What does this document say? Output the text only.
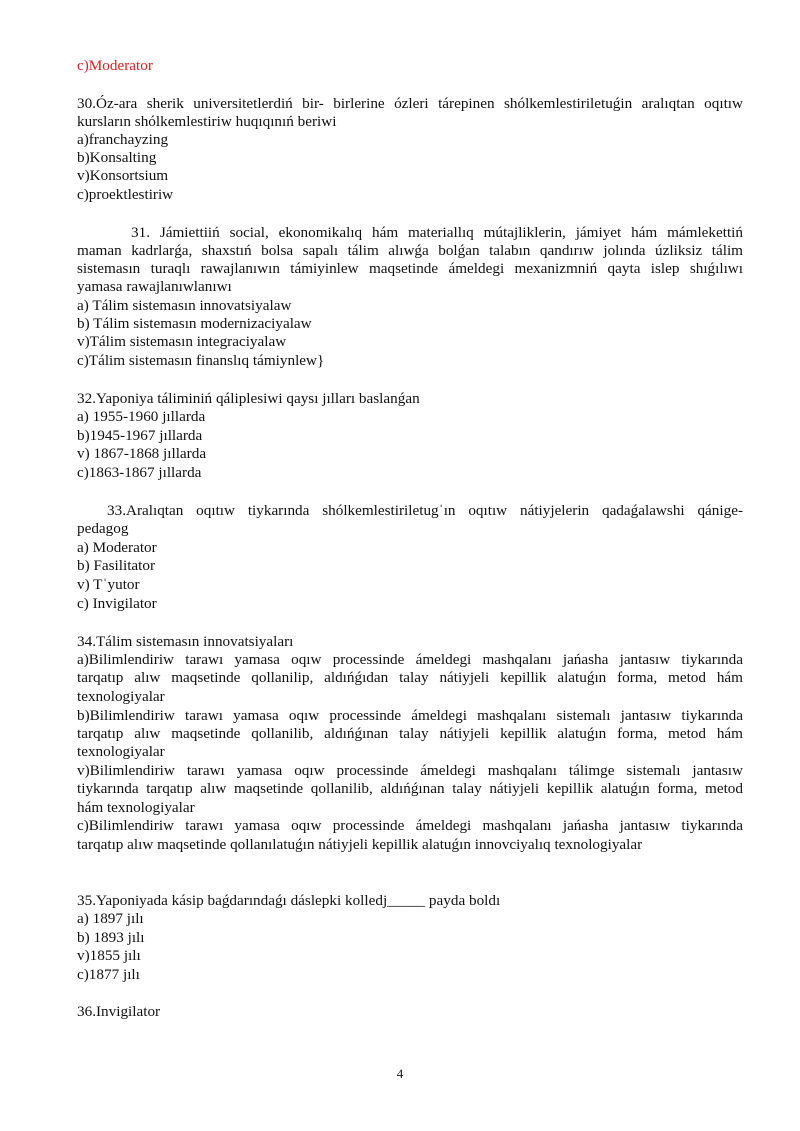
c)Moderator
30.Óz-ara sherik universitetlerdiń bir- birlerine ózleri tárepinen shólkemlestiriletuǵin aralıqtan oqıtıw
kursların shólkemlestiriw huqıqınıń beriwi
a)franchayzing
b)Konsalting
v)Konsortsium
c)proektlestiriw
31. Jámiettiiń social, ekonomikalıq hám materiallıq mútajliklerin, jámiyet hám mámlekettiń
maman kadrlarǵa, shaxstıń bolsa sapalı tálim alıwǵa bolǵan talabın qandırıw jolında úzliksiz tálim
sistemasın turaqlı rawajlanıwın támiyinlew maqsetinde ámeldegi mexanizmniń qayta islep shıǵılıwı
yamasa rawajlanıwlanıwı
a) Tálim sistemasın innovatsiyalaw
b) Tálim sistemasın modernizaciyalaw
v)Tálim sistemasın integraciyalaw
c)Tálim sistemasın finanslıq támiynlew}
32.Yaponiya táliminiń qáliplesiwi qaysı jılları baslanǵan
a) 1955-1960 jıllarda
b)1945-1967 jıllarda
v) 1867-1868 jıllarda
c)1863-1867 jıllarda
33.Aralıqtan oqıtıw tiykarında shólkemlestiriletugˈın oqıtıw nátiyjelerin qadaǵalawshi qánige-
pedagog
a) Moderator
b) Fasilitator
v) Tˈyutor
c) Invigilator
34.Tálim sistemasın innovatsiyaları
a)Bilimlendiriw tarawı yamasa oqıw processinde ámeldegi mashqalanı jańasha jantasıw tiykarında
tarqatıp alıw maqsetinde qollanilip, aldıńǵıdan talay nátiyjeli kepillik alatuǵın forma, metod hám
texnologiyalar
b)Bilimlendiriw tarawı yamasa oqıw processinde ámeldegi mashqalanı sistemalı jantasıw tiykarında
tarqatıp alıw maqsetinde qollanilib, aldıńǵınan talay nátiyjeli kepillik alatuǵın forma, metod hám
texnologiyalar
v)Bilimlendiriw tarawı yamasa oqıw processinde ámeldegi mashqalanı tálimge sistemalı jantasıw
tiykarında tarqatıp alıw maqsetinde qollanilib, aldıńǵınan talay nátiyjeli kepillik alatuǵın forma, metod
hám texnologiyalar
c)Bilimlendiriw tarawı yamasa oqıw processinde ámeldegi mashqalanı jańasha jantasıw tiykarında
tarqatıp alıw maqsetinde qollanılatuǵın nátiyjeli kepillik alatuǵın innovciyalıq texnologiyalar
35.Yaponiyada kásip baǵdarındaǵı dáslepki kolledj_____ payda boldı
a) 1897 jılı
b) 1893 jılı
v)1855 jılı
c)1877 jılı
36.Invigilator
4
